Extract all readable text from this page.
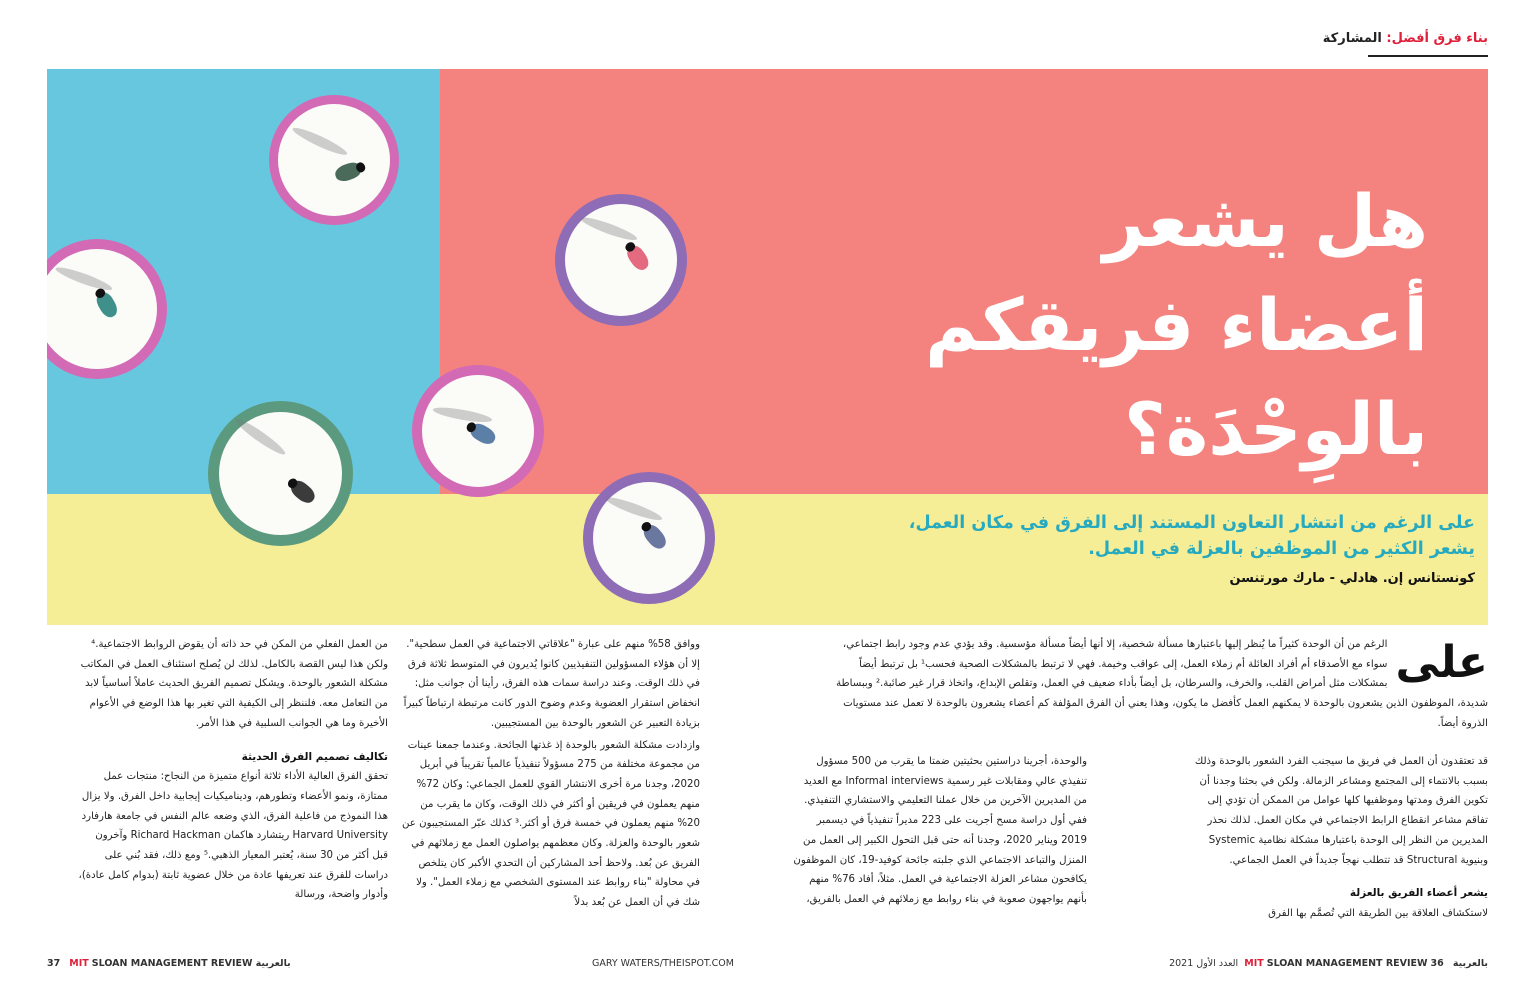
بناء فرق أفضل: المشاركة
هل يشعر
أعضاء فريقكم
بالوِحْدَة؟
على الرغم من انتشار التعاون المستند إلى الفرق في مكان العمل،
يشعر الكثير من الموظفين بالعزلة في العمل.
كونستانس إن. هادلي - مارك مورتنسن
على

الرغم من أن الوحدة كثيراً ما يُنظر إليها باعتبارها مسألة شخصية، إلا أنها أيضاً مسألة مؤسسية. وقد يؤدي عدم وجود رابط اجتماعي، سواء مع الأصدقاء أم أفراد العائلة أم زملاء العمل، إلى عواقب وخيمة. فهي لا ترتبط بالمشكلات الصحية فحسب¹ بل ترتبط أيضاً بمشكلات مثل أمراض القلب، والخرف، والسرطان، بل أيضاً بأداء ضعيف في العمل، وتقلص الإبداع، واتخاذ قرار غير صائبة.² وببساطة شديدة، الموظفون الذين يشعرون بالوحدة لا يمكنهم العمل كأفضل ما يكون، وهذا يعني أن الفرق المؤلفة كم أعضاء يشعرون بالوحدة لا تعمل عند مستويات الذروة أيضاً.

قد تعتقدون أن العمل في فريق ما سيجنب الفرد الشعور بالوحدة وذلك بسبب بالانتماء إلى المجتمع ومشاعر الزمالة. ولكن في بحثنا وجدنا أن تكوين الفرق ومدتها وموظفيها كلها عوامل من الممكن أن تؤدي إلى تفاقم مشاعر انقطاع الرابط الاجتماعي في مكان العمل. لذلك نحذر المديرين من النظر إلى الوحدة باعتبارها مشكلة نظامية Systemic وبنيوية Structural قد تتطلب نهجاً جديداً في العمل الجماعي.

يشعر أعضاء الفريق بالعزلة

لاستكشاف العلاقة بين الطريقة التي تُصمَّم بها الفرق

والوحدة، أجرينا دراستين بحثيتين ضمتا ما يقرب من 500 مسؤول تنفيذي عالي ومقابلات غير رسمية Informal interviews مع العديد من المديرين الآخرين من خلال عملنا التعليمي والاستشاري التنفيذي. ففي أول دراسة مسح أجريت على 223 مديراً تنفيذياً في ديسمبر 2019 ويناير 2020، وجدنا أنه حتى قبل التحول الكبير إلى العمل من المنزل والتباعد الاجتماعي الذي جلبته جائحة كوفيد-19، كان الموظفون يكافحون مشاعر العزلة الاجتماعية في العمل. مثلاً، أفاد 76% منهم بأنهم يواجهون صعوبة في بناء روابط مع زملائهم في العمل بالفريق،

ووافق 58% منهم على عبارة "علاقاتي الاجتماعية في العمل سطحية". إلا أن هؤلاء المسؤولين التنفيذيين كانوا يُديرون في المتوسط ثلاثة فرق في ذلك الوقت. وعند دراسة سمات هذه الفرق، رأينا أن جوانب مثل: انخفاض استقرار العضوية وعدم وضوح الدور كانت مرتبطة ارتباطاً كبيراً بزيادة التعبير عن الشعور بالوحدة بين المستجيبين.

وازدادت مشكلة الشعور بالوحدة إذ غذتها الجائحة. وعندما جمعنا عينات من مجموعة مختلفة من 275 مسؤولاً تنفيذياً عالمياً تقريباً في أبريل 2020، وجدنا مرة أخرى الانتشار القوي للعمل الجماعي: وكان 72% منهم يعملون في فريقين أو أكثر في ذلك الوقت، وكان ما يقرب من 20% منهم يعملون في خمسة فرق أو أكثر.³ كذلك عبّر المستجيبون عن شعور بالوحدة والعزلة. وكان معظمهم يواصلون العمل مع زملائهم في الفريق عن بُعد. ولاحظ أحد المشاركين أن التحدي الأكبر كان يتلخص في محاولة "بناء روابط عند المستوى الشخصي مع زملاء العمل". ولا شك في أن العمل عن بُعد بدلاً

من العمل الفعلي من المكن في حد ذاته أن يقوض الروابط الاجتماعية.⁴ ولكن هذا ليس القصة بالكامل. لذلك لن يُصلح استئناف العمل في المكاتب مشكلة الشعور بالوحدة. ويشكل تصميم الفريق الحديث عاملاً أساسياً لابد من التعامل معه. فلننظر إلى الكيفية التي تغير بها هذا الوضع في الأعوام الأخيرة وما هي الجوانب السلبية في هذا الأمر.

تكاليف تصميم الفرق الحديثة

تحقق الفرق العالية الأداء ثلاثة أنواع متميزة من النجاح: منتجات عمل ممتازة، ونمو الأعضاء وتطورهم، وديناميكيات إيجابية داخل الفرق. ولا يزال هذا النموذج من فاعلية الفرق، الذي وضعه عالم النفس في جامعة هارفارد Harvard University ريتشارد هاكمان Richard Hackman وآخرون قبل أكثر من 30 سنة، يُعتبر المعيار الذهبي.⁵ ومع ذلك، فقد بُني على دراسات للفرق عند تعريفها عادة من خلال عضوية ثابتة (بدوام كامل عادة)، وأدوار واضحة، ورسالة

37 MIT SLOAN MANAGEMENT REVIEW بالعربية	GARY WATERS/THEISPOT.COM	2021 العدد الأول MIT SLOAN MANAGEMENT REVIEW	بالعربية   36
